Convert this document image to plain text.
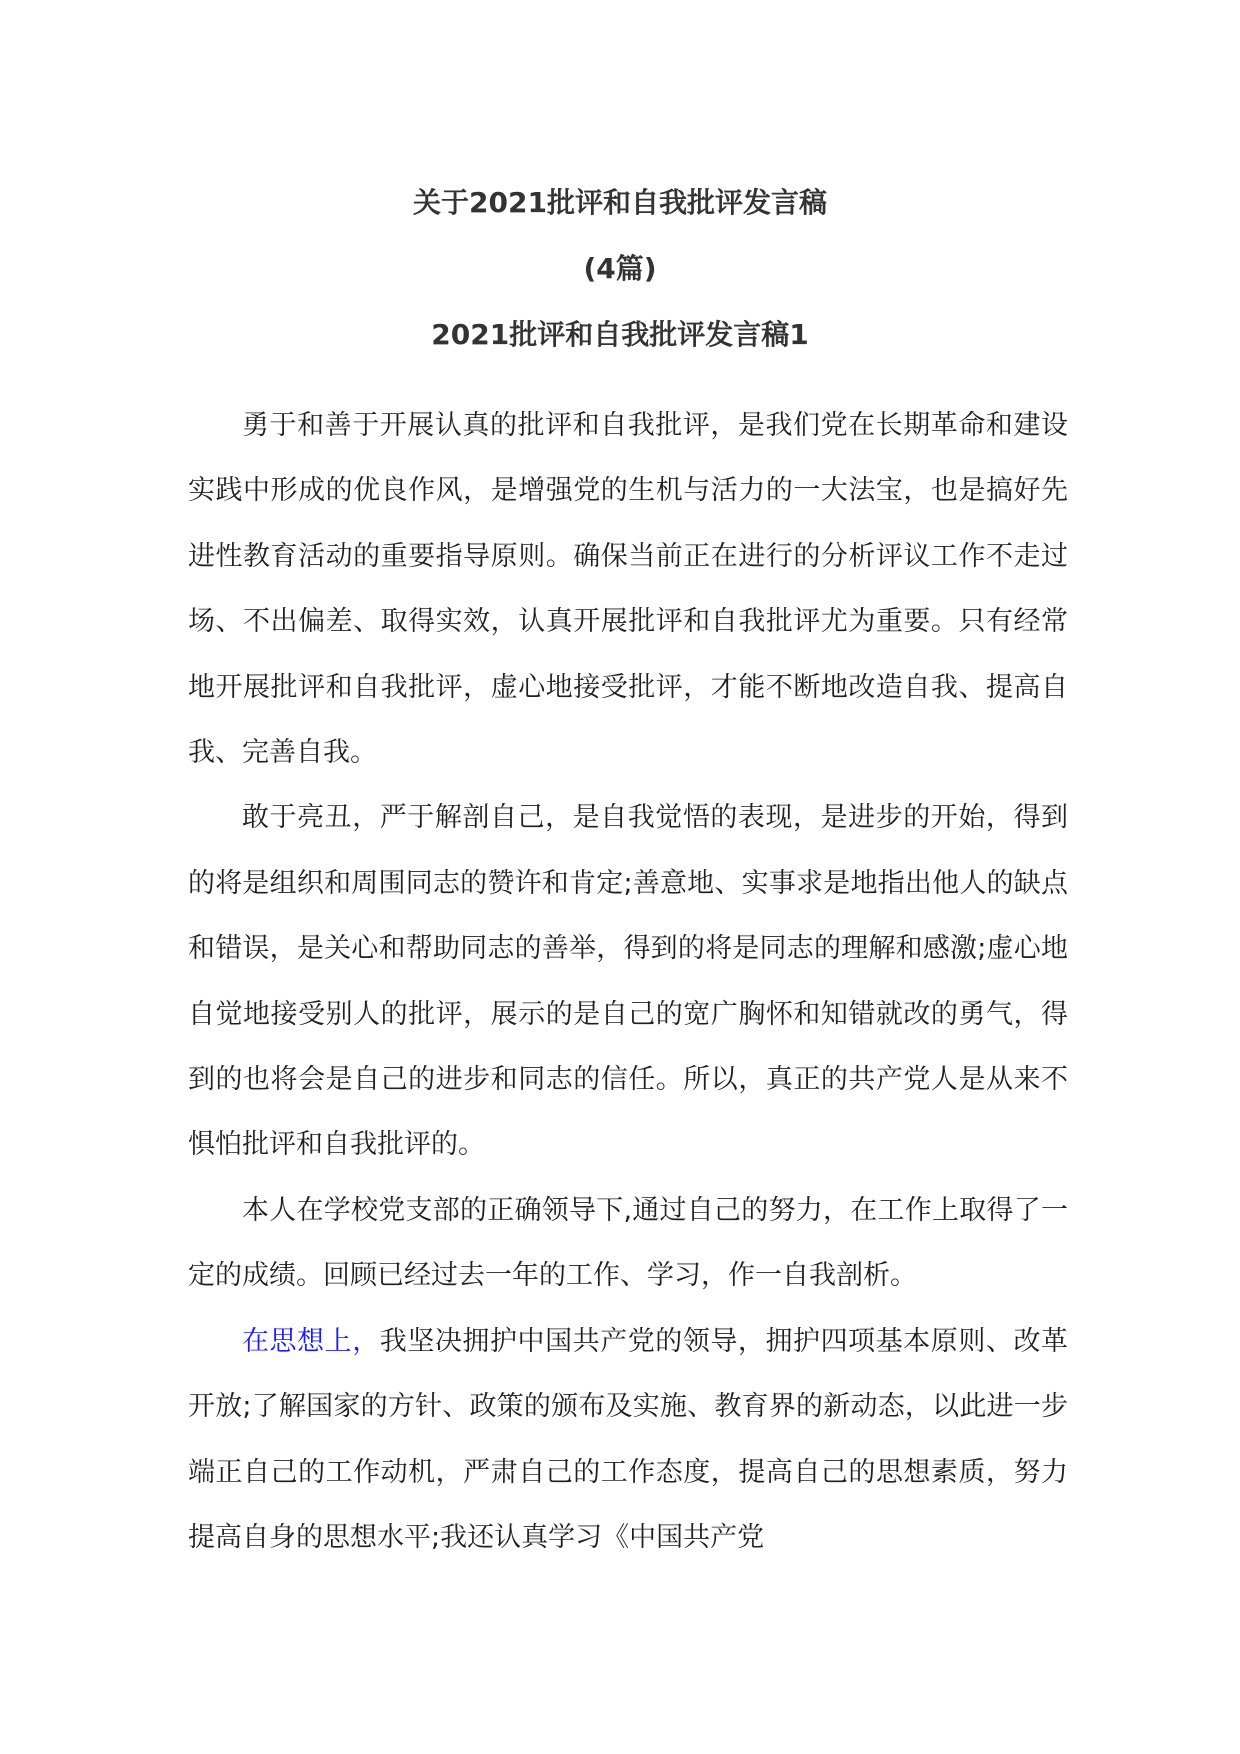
关于2021批评和自我批评发言稿
(4篇)
2021批评和自我批评发言稿1

勇于和善于开展认真的批评和自我批评，是我们党在长期革命和建设实践中形成的优良作风，是增强党的生机与活力的一大法宝，也是搞好先进性教育活动的重要指导原则。确保当前正在进行的分析评议工作不走过场、不出偏差、取得实效，认真开展批评和自我批评尤为重要。只有经常地开展批评和自我批评，虚心地接受批评，才能不断地改造自我、提高自我、完善自我。

敢于亮丑，严于解剖自己，是自我觉悟的表现，是进步的开始，得到的将是组织和周围同志的赞许和肯定;善意地、实事求是地指出他人的缺点和错误，是关心和帮助同志的善举，得到的将是同志的理解和感激;虚心地自觉地接受别人的批评，展示的是自己的宽广胸怀和知错就改的勇气，得到的也将会是自己的进步和同志的信任。所以，真正的共产党人是从来不惧怕批评和自我批评的。

本人在学校党支部的正确领导下,通过自己的努力，在工作上取得了一定的成绩。回顾已经过去一年的工作、学习，作一自我剖析。

在思想上，我坚决拥护中国共产党的领导，拥护四项基本原则、改革开放;了解国家的方针、政策的颁布及实施、教育界的新动态，以此进一步端正自己的工作动机，严肃自己的工作态度，提高自己的思想素质，努力提高自身的思想水平;我还认真学习《中国共产党
